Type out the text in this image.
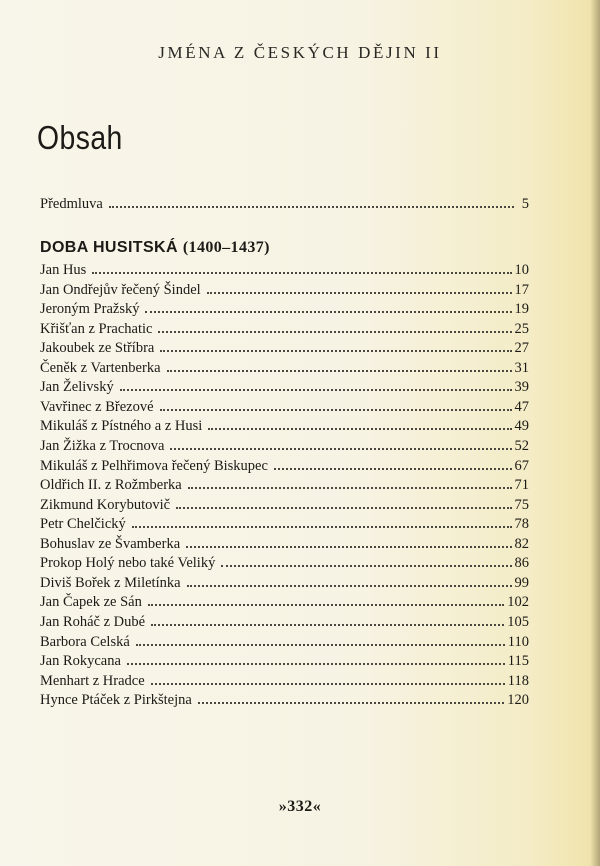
JMÉNA Z ČESKÝCH DĚJIN II
Obsah
Předmluva	5
DOBA HUSITSKÁ (1400–1437)
Jan Hus	10
Jan Ondřejův řečený Šindel	17
Jeroným Pražský	19
Křišťan z Prachatic	25
Jakoubek ze Stříbra	27
Čeněk z Vartenberka	31
Jan Želivský	39
Vavřinec z Březové	47
Mikuláš z Pístného a z Husi	49
Jan Žižka z Trocnova	52
Mikuláš z Pelhřimova řečený Biskupec	67
Oldřich II. z Rožmberka	71
Zikmund Korybutovič	75
Petr Chelčický	78
Bohuslav ze Švamberka	82
Prokop Holý nebo také Veliký	86
Diviš Bořek z Miletínka	99
Jan Čapek ze Sán	102
Jan Roháč z Dubé	105
Barbora Celská	110
Jan Rokycana	115
Menhart z Hradce	118
Hynce Ptáček z Pirkštejna	120
»332«
